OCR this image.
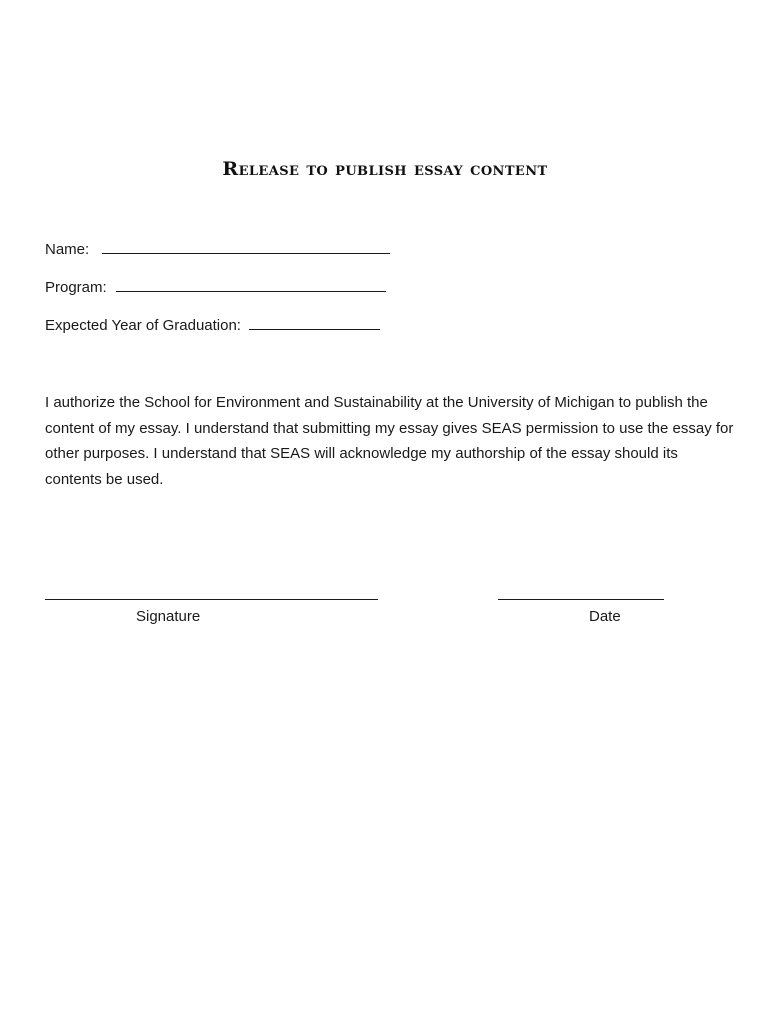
Release to publish essay content
Name:
Program:
Expected Year of Graduation:

I authorize the School for Environment and Sustainability at the University of Michigan to publish the content of my essay. I understand that submitting my essay gives SEAS permission to use the essay for other purposes. I understand that SEAS will acknowledge my authorship of the essay should its contents be used.

Signature	Date
